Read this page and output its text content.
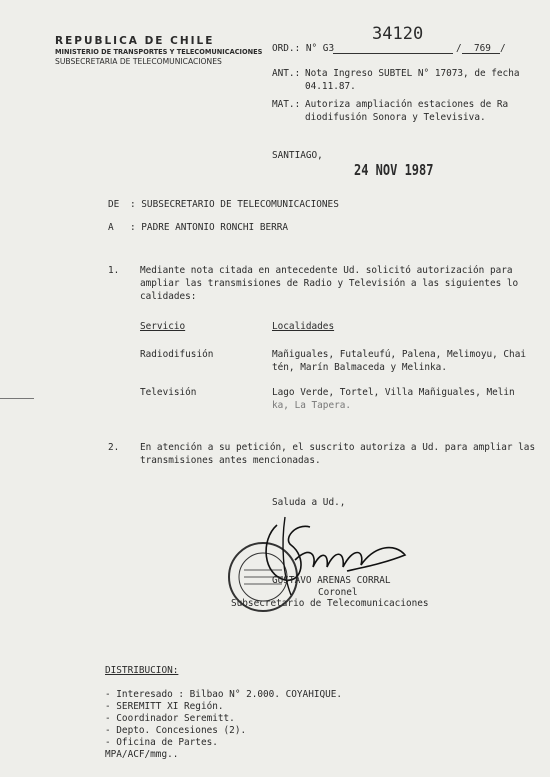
REPUBLICA DE CHILE
MINISTERIO DE TRANSPORTES Y TELECOMUNICACIONES
SUBSECRETARIA DE TELECOMUNICACIONES
ORD.: N° G3
34120
/ 769 /
ANT.: Nota Ingreso SUBTEL N° 17073, de fecha
04.11.87.
MAT.: Autoriza ampliación estaciones de Ra
diodifusión Sonora y Televisiva.
SANTIAGO,
24 NOV 1987
DE : SUBSECRETARIO DE TELECOMUNICACIONES
A : PADRE ANTONIO RONCHI BERRA
1. Mediante nota citada en antecedente Ud. solicitó autorización para
ampliar las transmisiones de Radio y Televisión a las siguientes lo
calidades:
Servicio	Localidades
Radiodifusión	Mañiguales, Futaleufú, Palena, Melimoyu, Chai
tén, Marín Balmaceda y Melinka.
Televisión	Lago Verde, Tortel, Villa Mañiguales, Melin
ka, La Tapera.
2. En atención a su petición, el suscrito autoriza a Ud. para ampliar las
transmisiones antes mencionadas.
Saluda a Ud.,
GUSTAVO ARENAS CORRAL
Coronel
Subsecretario de Telecomunicaciones
DISTRIBUCION:
- Interesado : Bilbao N° 2.000. COYAHIQUE.
- SEREMITT XI Región.
- Coordinador Seremitt.
- Depto. Concesiones (2).
- Oficina de Partes.
MPA/ACF/mmg..
